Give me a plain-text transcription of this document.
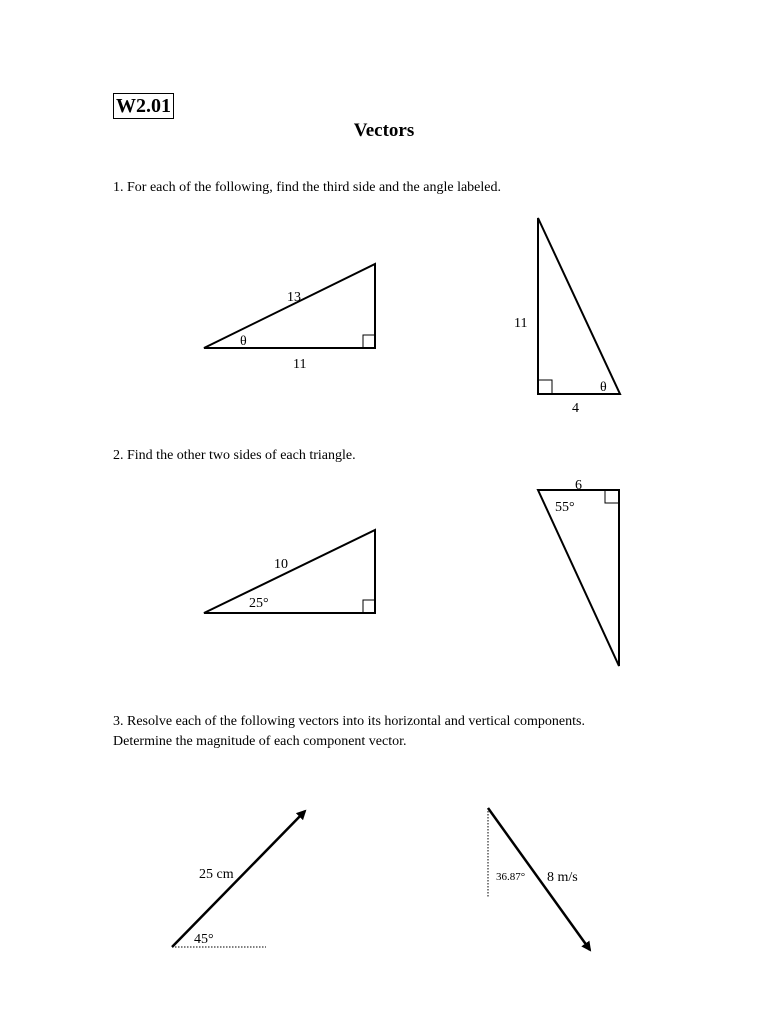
W2.01
Vectors
1. For each of the following, find the third side and the angle labeled.
2. Find the other two sides of each triangle.
3. Resolve each of the following vectors into its horizontal and vertical components.
Determine the magnitude of each component vector.
13
11
θ
11
4
θ
10
25°
6
55°
25 cm
45°
36.87° 8 m/s
